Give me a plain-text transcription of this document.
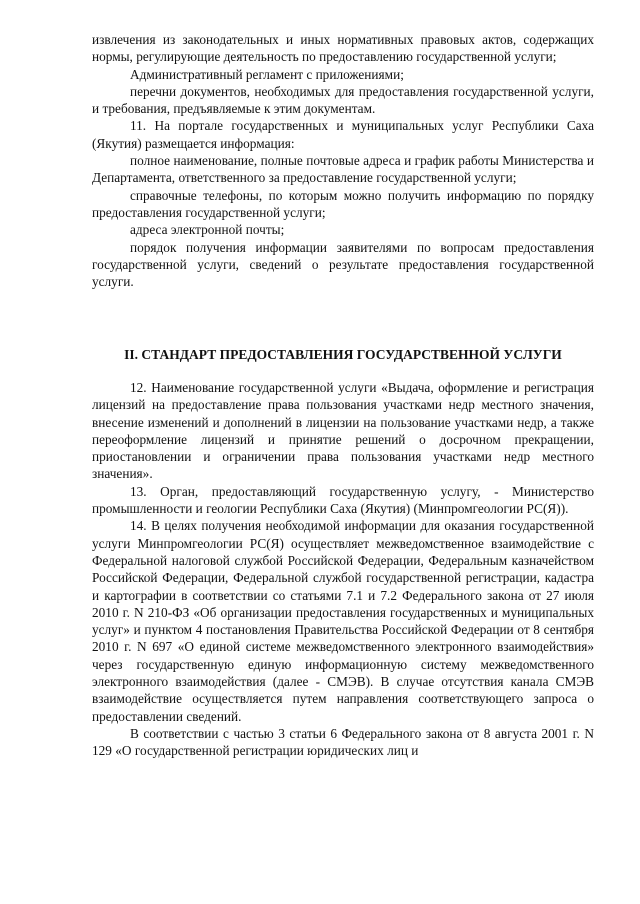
извлечения из законодательных и иных нормативных правовых актов, содержащих нормы, регулирующие деятельность по предоставлению государственной услуги;

Административный регламент с приложениями;

перечни документов, необходимых для предоставления государственной услуги, и требования, предъявляемые к этим документам.

11. На портале государственных и муниципальных услуг Республики Саха (Якутия) размещается информация:

полное наименование, полные почтовые адреса и график работы Министерства и Департамента, ответственного за предоставление государственной услуги;

справочные телефоны, по которым можно получить информацию по порядку предоставления государственной услуги;

адреса электронной почты;

порядок получения информации заявителями по вопросам предоставления государственной услуги, сведений о результате предоставления государственной услуги.

II. СТАНДАРТ ПРЕДОСТАВЛЕНИЯ ГОСУДАРСТВЕННОЙ УСЛУГИ

12. Наименование государственной услуги «Выдача, оформление и регистрация лицензий на предоставление права пользования участками недр местного значения, внесение изменений и дополнений в лицензии на пользование участками недр, а также переоформление лицензий и принятие решений о досрочном прекращении, приостановлении и ограничении права пользования участками недр местного значения».

13. Орган, предоставляющий государственную услугу, - Министерство промышленности и геологии Республики Саха (Якутия) (Минпромгеологии РС(Я)).

14. В целях получения необходимой информации для оказания государственной услуги Минпромгеологии РС(Я) осуществляет межведомственное взаимодействие с Федеральной налоговой службой Российской Федерации, Федеральным казначейством Российской Федерации, Федеральной службой государственной регистрации, кадастра и картографии в соответствии со статьями 7.1 и 7.2 Федерального закона от 27 июля 2010 г. N 210-ФЗ «Об организации предоставления государственных и муниципальных услуг» и пунктом 4 постановления Правительства Российской Федерации от 8 сентября 2010 г. N 697 «О единой системе межведомственного электронного взаимодействия» через государственную единую информационную систему межведомственного электронного взаимодействия (далее - СМЭВ). В случае отсутствия канала СМЭВ взаимодействие осуществляется путем направления соответствующего запроса о предоставлении сведений.

В соответствии с частью 3 статьи 6 Федерального закона от 8 августа 2001 г. N 129 «О государственной регистрации юридических лиц и
